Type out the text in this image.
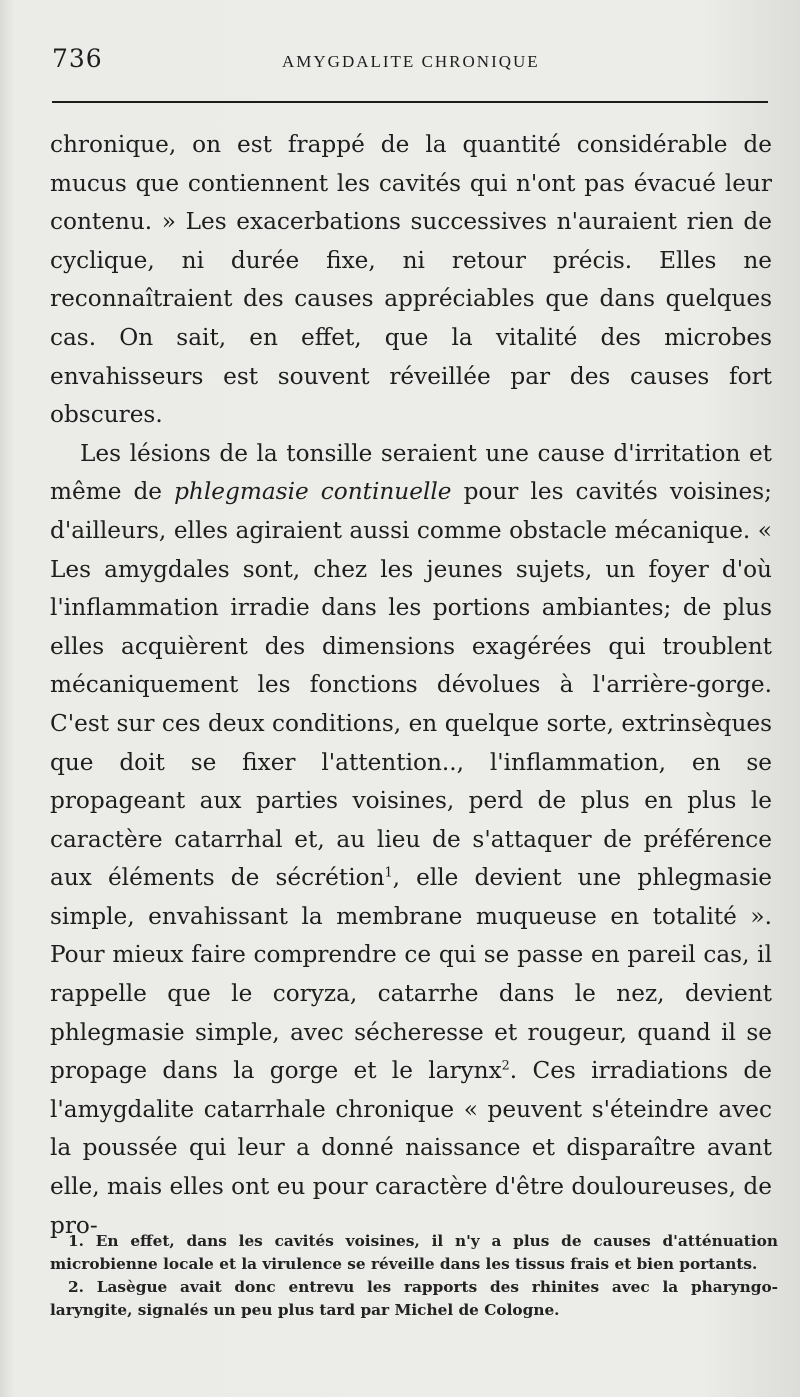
736	AMYGDALITE CHRONIQUE

chronique, on est frappé de la quantité considérable de mucus que contiennent les cavités qui n'ont pas évacué leur contenu. » Les exacerbations successives n'auraient rien de cyclique, ni durée fixe, ni retour précis. Elles ne reconnaîtraient des causes appréciables que dans quelques cas. On sait, en effet, que la vitalité des microbes envahisseurs est souvent réveillée par des causes fort obscures.

Les lésions de la tonsille seraient une cause d'irritation et même de phlegmasie continuelle pour les cavités voisines; d'ailleurs, elles agiraient aussi comme obstacle mécanique. « Les amygdales sont, chez les jeunes sujets, un foyer d'où l'inflammation irradie dans les portions ambiantes; de plus elles acquièrent des dimensions exagérées qui troublent mécaniquement les fonctions dévolues à l'arrière-gorge. C'est sur ces deux conditions, en quelque sorte, extrinsèques que doit se fixer l'attention.., l'inflammation, en se propageant aux parties voisines, perd de plus en plus le caractère catarrhal et, au lieu de s'attaquer de préférence aux éléments de sécrétion$^1$, elle devient une phlegmasie simple, envahissant la membrane muqueuse en totalité ». Pour mieux faire comprendre ce qui se passe en pareil cas, il rappelle que le coryza, catarrhe dans le nez, devient phlegmasie simple, avec sécheresse et rougeur, quand il se propage dans la gorge et le larynx$^2$. Ces irradiations de l'amygdalite catarrhale chronique « peuvent s'éteindre avec la poussée qui leur a donné naissance et disparaître avant elle, mais elles ont eu pour caractère d'être douloureuses, de pro-

1. En effet, dans les cavités voisines, il n'y a plus de causes d'atténuation microbienne locale et la virulence se réveille dans les tissus frais et bien portants.

2. Lasègue avait donc entrevu les rapports des rhinites avec la pharyngo-laryngite, signalés un peu plus tard par Michel de Cologne.
